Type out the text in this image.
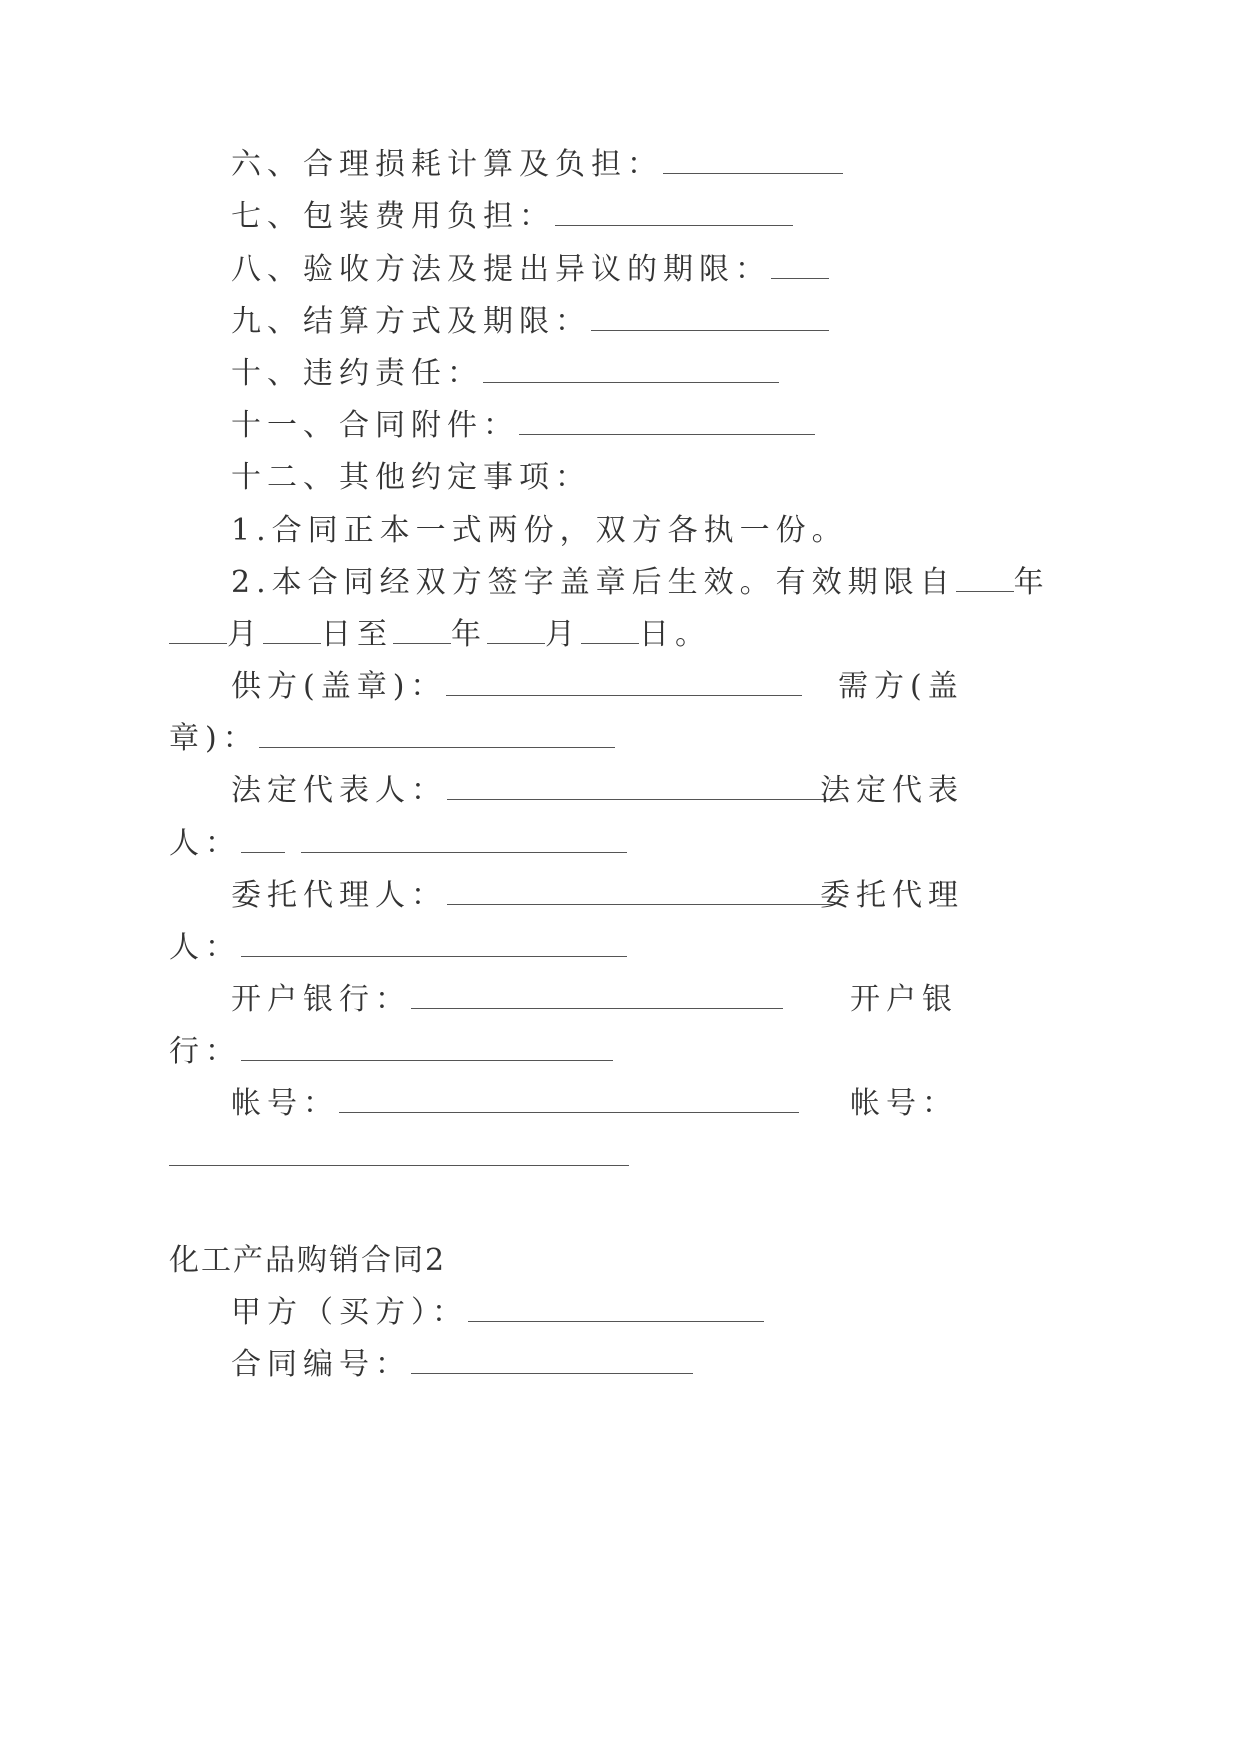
六、合理损耗计算及负担：

七、包装费用负担：

八、验收方法及提出异议的期限：

九、结算方式及期限：

十、违约责任：

十一、合同附件：

十二、其他约定事项：

1.合同正本一式两份，双方各执一份。

2.本合同经双方签字盖章后生效。有效期限自 年

月 日至 年 月 日。

供方(盖章)：	需方(盖

章)：

法定代表人：	法定代表

人：

委托代理人：	委托代理

人：

开户银行：	开户银

行：

帐号：	帐号：

化工产品购销合同2

甲方（买方）：

合同编号：
